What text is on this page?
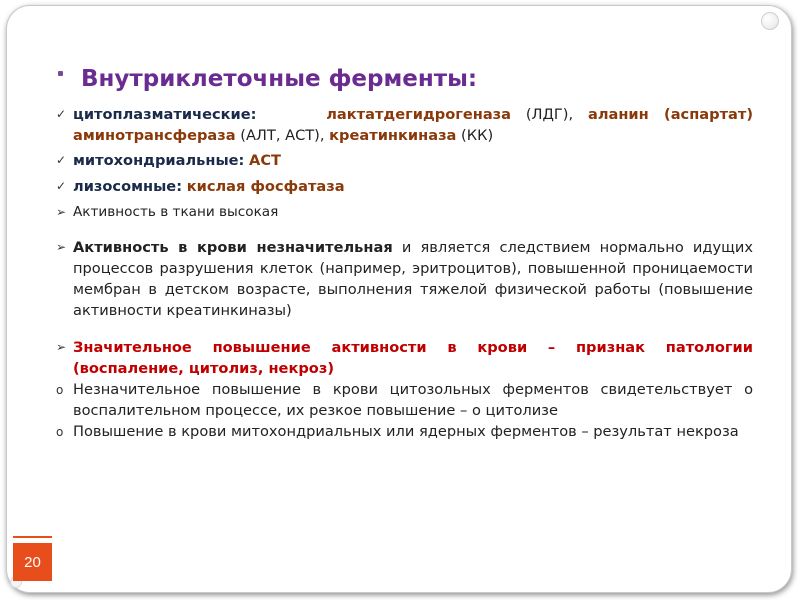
Внутриклеточные ферменты:
✓ цитоплазматические:	лактатдегидрогеназа (ЛДГ), аланин (аспартат) аминотрансфераза (АЛТ, АСТ), креатинкиназа (КК)
✓ митохондриальные: АСТ
✓ лизосомные: кислая фосфатаза
➢ Активность в ткани высокая
➢ Активность в крови незначительная и является следствием нормально идущих процессов разрушения клеток (например, эритроцитов), повышенной проницаемости мембран в детском возрасте, выполнения тяжелой физической работы (повышение активности креатинкиназы)
➢ Значительное повышение активности в крови – признак патологии (воспаление, цитолиз, некроз)
o Незначительное повышение в крови цитозольных ферментов свидетельствует о воспалительном процессе, их резкое повышение – о цитолизе
o Повышение в крови митохондриальных или ядерных ферментов – результат некроза
20
